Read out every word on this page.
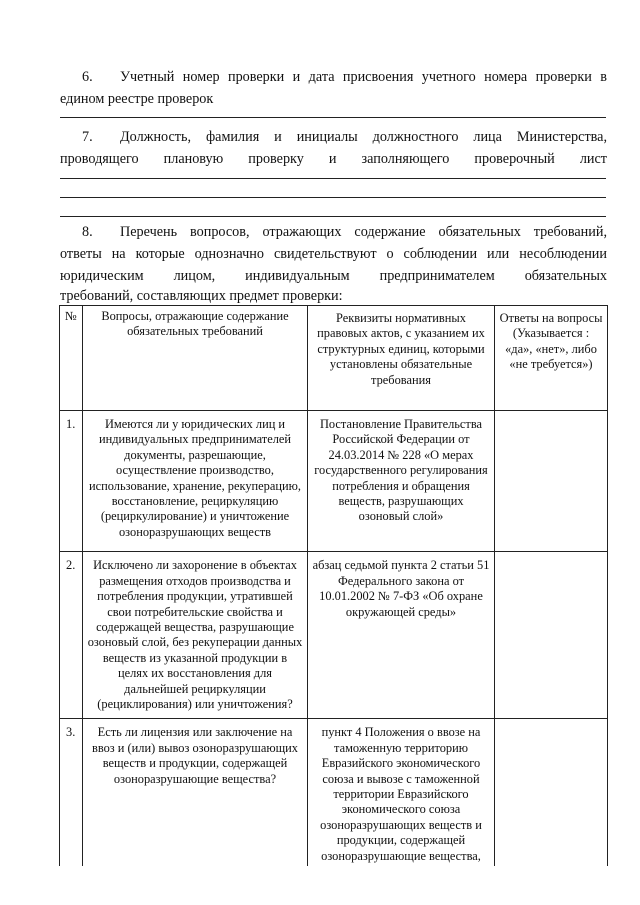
6. Учетный номер проверки и дата присвоения учетного номера проверки в едином реестре проверок

7. Должность, фамилия и инициалы должностного лица Министерства,

проводящего плановую проверку и заполняющего проверочный лист

8. Перечень вопросов, отражающих содержание обязательных требований,

ответы на которые однозначно свидетельствуют о соблюдении или несоблюдении

юридическим лицом, индивидуальным предпринимателем обязательных

требований, составляющих предмет проверки:

№	Вопросы, отражающие содержание обязательных требований	Реквизиты нормативных правовых актов, с указанием их структурных единиц, которыми установлены обязательные требования	Ответы на вопросы (Указывается : «да», «нет», либо «не требуется»)
1.	Имеются ли у юридических лиц и индивидуальных предпринимателей документы, разрешающие, осуществление производство, использование, хранение, рекуперацию, восстановление, рециркуляцию (рециркулирование) и уничтожение озоноразрушающих веществ	Постановление Правительства Российской Федерации от 24.03.2014 № 228 «О мерах государственного регулирования потребления и обращения веществ, разрушающих озоновый слой»	
2.	Исключено ли захоронение в объектах размещения отходов производства и потребления продукции, утратившей свои потребительские свойства и содержащей вещества, разрушающие озоновый слой, без рекуперации данных веществ из указанной продукции в целях их восстановления для дальнейшей рециркуляции (рециклирования) или уничтожения?	абзац седьмой пункта 2 статьи 51 Федерального закона от 10.01.2002 № 7-ФЗ «Об охране окружающей среды»	
3.	Есть ли лицензия или заключение на ввоз и (или) вывоз озоноразрушающих веществ и продукции, содержащей озоноразрушающие вещества?	пункт 4 Положения о ввозе на таможенную территорию Евразийского экономического союза и вывозе с таможенной территории Евразийского экономического союза озоноразрушающих веществ и продукции, содержащей озоноразрушающие вещества,	
